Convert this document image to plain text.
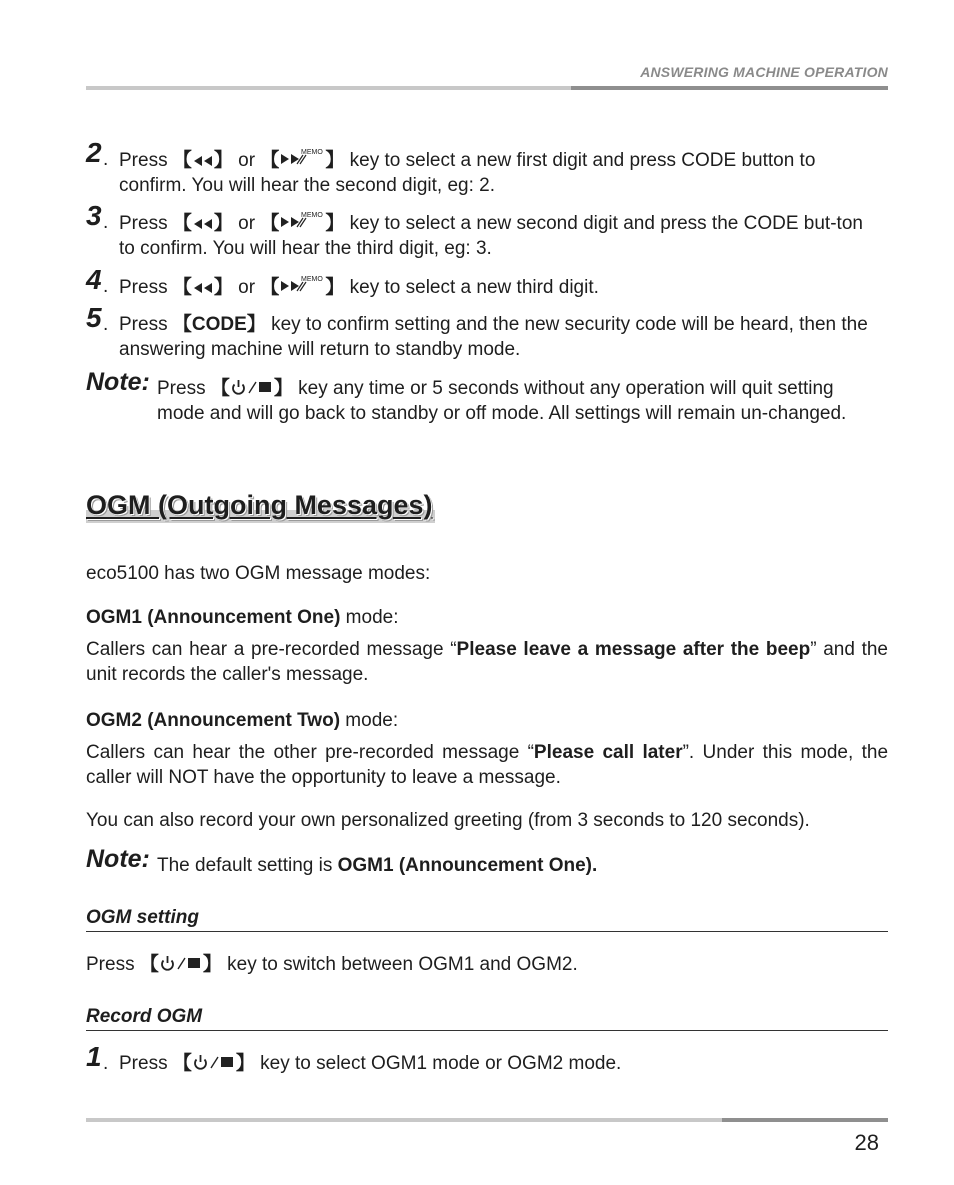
ANSWERING MACHINE OPERATION
2 . Press 【 】 or 【	MEMO 】 key to select a new first digit and press CODE button to confirm. You will hear the second digit, eg: 2.
3 . Press 【 】 or 【	MEMO 】 key to select a new second digit and press the CODE but-ton to confirm. You will hear the third digit, eg: 3.
4 . Press 【 】 or 【	MEMO 】 key to select a new third digit.
5 . Press 【CODE】 key to confirm setting and the new security code will be heard, then the answering machine will return to standby mode.
Note: Press 【 】 key any time or 5 seconds without any operation will quit setting mode and will go back to standby or off mode. All settings will remain un-changed.
OGM (Outgoing Messages)
eco5100 has two OGM message modes:
OGM1 (Announcement One) mode:
Callers can hear a pre-recorded message “Please leave a message after the beep” and the unit records the caller's message.
OGM2 (Announcement Two) mode:
Callers can hear the other pre-recorded message “Please call later”. Under this mode, the caller will NOT have the opportunity to leave a message.
You can also record your own personalized greeting (from 3 seconds to 120 seconds).
Note: The default setting is OGM1 (Announcement One).
OGM setting
Press 【 】 key to switch between OGM1 and OGM2.
Record OGM
1 . Press 【 】 key to select OGM1 mode or OGM2 mode.
28
